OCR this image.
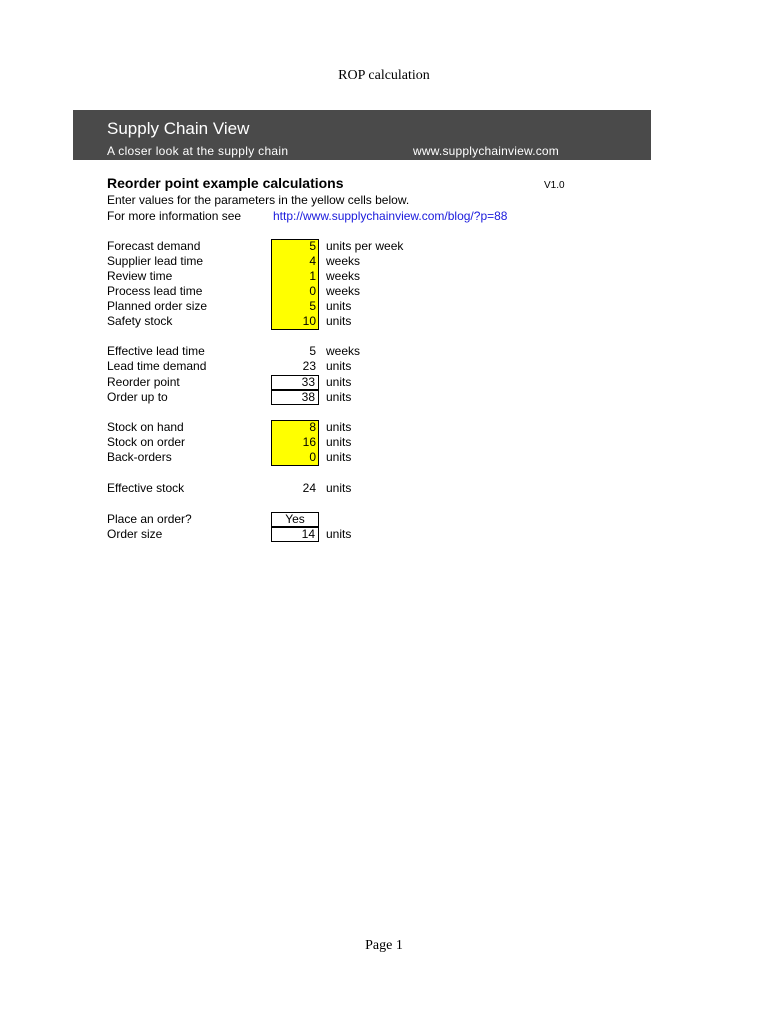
ROP calculation
Supply Chain View
A closer look at the supply chain	www.supplychainview.com
Reorder point example calculations	V1.0
Enter values for the parameters in the yellow cells below.
For more information see	http://www.supplychainview.com/blog/?p=88
Forecast demand	5 units per week
Supplier lead time	4 weeks
Review time	1 weeks
Process lead time	0 weeks
Planned order size	5 units
Safety stock	10 units
Effective lead time	5 weeks
Lead time demand	23 units
Reorder point	33 units
Order up to	38 units
Stock on hand	8 units
Stock on order	16 units
Back-orders	0 units
Effective stock	24 units
Place an order?	Yes
Order size	14 units
Page 1
